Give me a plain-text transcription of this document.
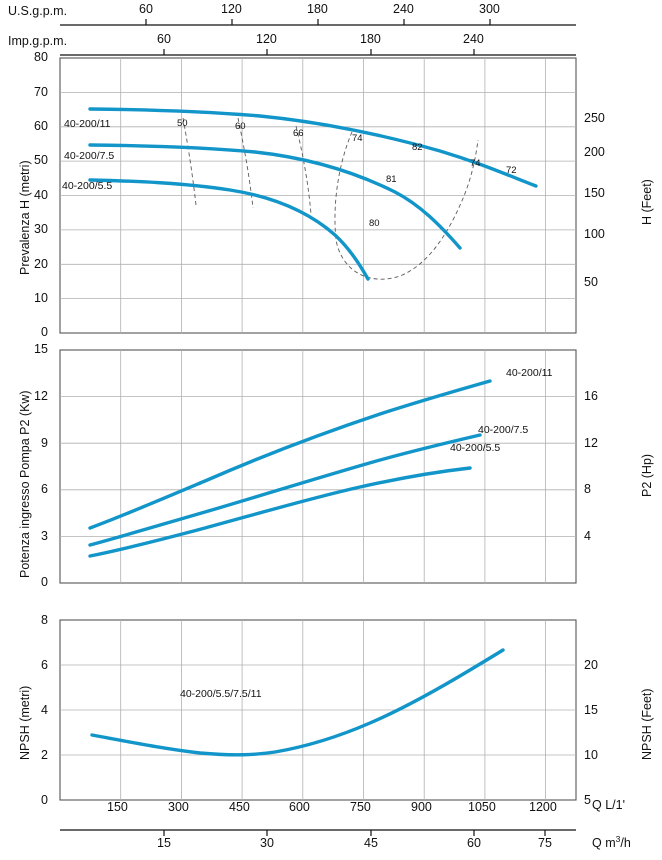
U.S.g.p.m.
Imp.g.p.m.
60	120	180	240	300
60	120	180	240
Prevalenza H (metri)	H (Feet)
80
70
60
50
40
30
20
10
0
250
200
150
100
50
40-200/11
40-200/7.5
40-200/5.5
50	60
66	74
82
74
72
81
80
Potenza ingresso Pompa P2 (Kw)	P2 (Hp)
15
12
9
6
3
0
16
12
8
4
40-200/11
40-200/7.5
40-200/5.5
NPSH (metri)	NPSH (Feet)
8
6
4
2
0
20
15
10
5
40-200/5.5/7.5/11
150	300	450	600	750	900	1050	1200	Q L/1'
15	30	45	60	75	Q $m^3/h$
